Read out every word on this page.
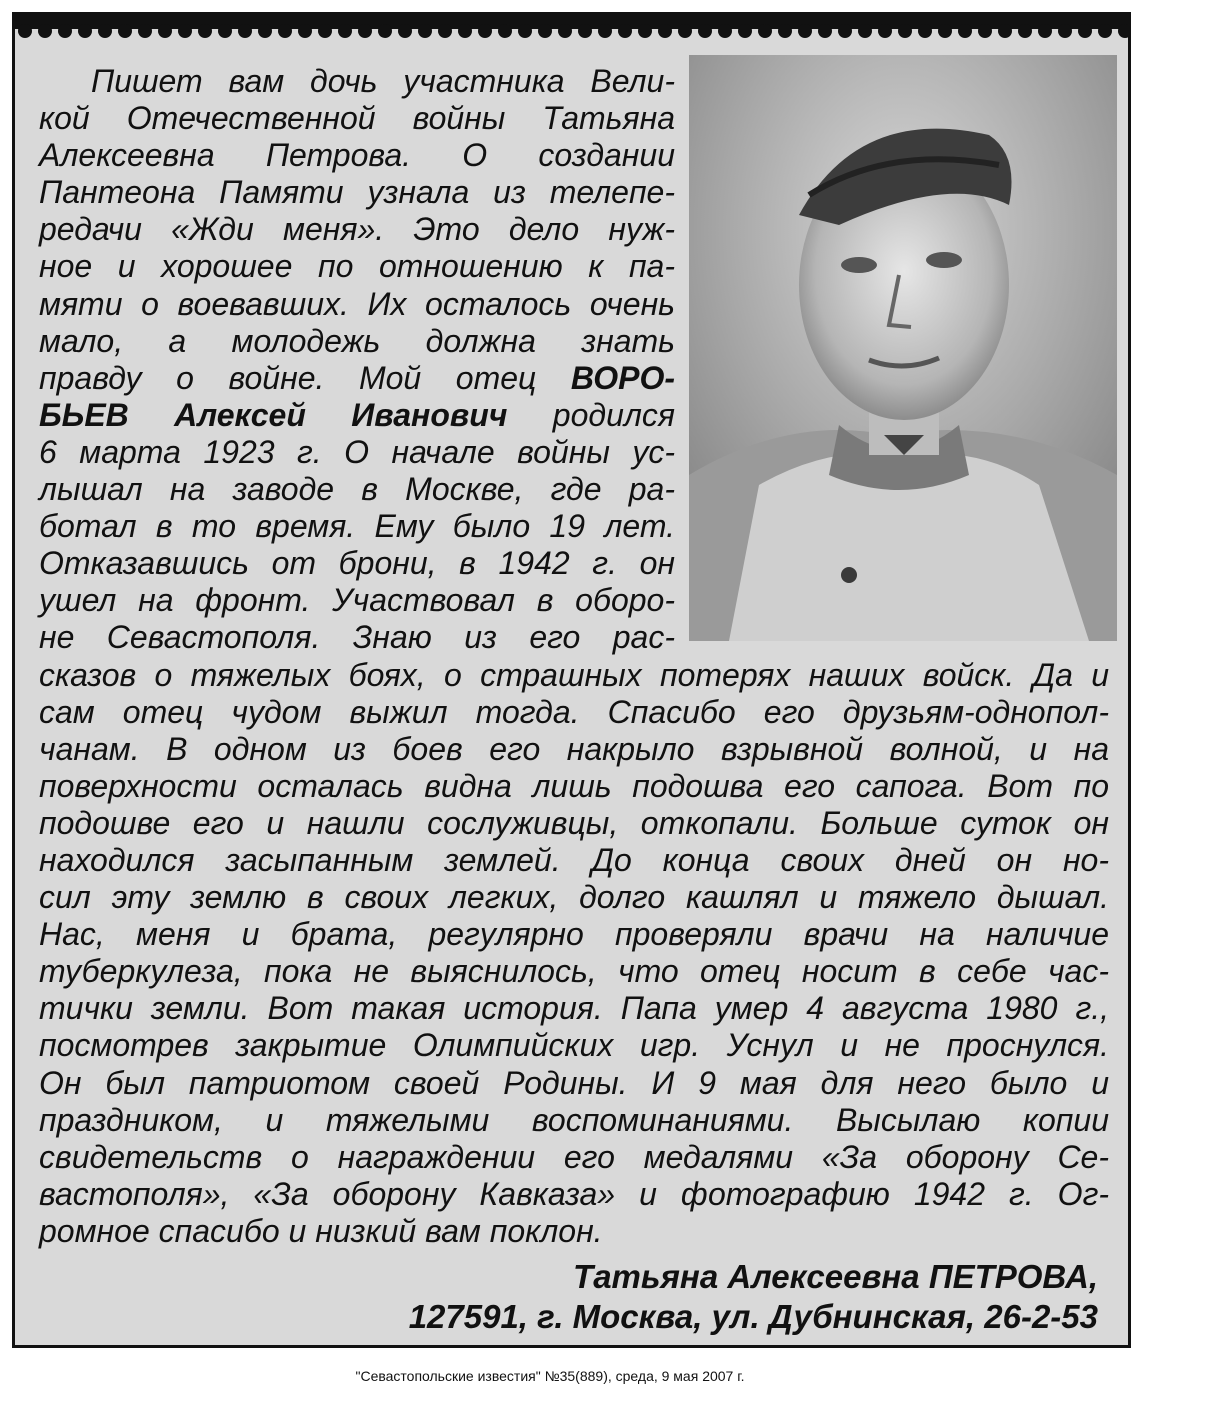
Пишет вам дочь участника Вели-
кой Отечественной войны Татьяна
Алексеевна Петрова. О создании
Пантеона Памяти узнала из телепе-
редачи «Жди меня». Это дело нуж-
ное и хорошее по отношению к па-
мяти о воевавших. Их осталось очень
мало, а молодежь должна знать
правду о войне. Мой отец ВОРО-
БЬЕВ Алексей Иванович родился
6 марта 1923 г. О начале войны ус-
лышал на заводе в Москве, где ра-
ботал в то время. Ему было 19 лет.
Отказавшись от брони, в 1942 г. он
ушел на фронт. Участвовал в оборо-
не Севастополя. Знаю из его рас-
сказов о тяжелых боях, о страшных потерях наших войск. Да и
сам отец чудом выжил тогда. Спасибо его друзьям-однопол-
чанам. В одном из боев его накрыло взрывной волной, и на
поверхности осталась видна лишь подошва его сапога. Вот по
подошве его и нашли сослуживцы, откопали. Больше суток он
находился засыпанным землей. До конца своих дней он но-
сил эту землю в своих легких, долго кашлял и тяжело дышал.
Нас, меня и брата, регулярно проверяли врачи на наличие
туберкулеза, пока не выяснилось, что отец носит в себе час-
тички земли. Вот такая история. Папа умер 4 августа 1980 г.,
посмотрев закрытие Олимпийских игр. Уснул и не проснулся.
Он был патриотом своей Родины. И 9 мая для него было и
праздником, и тяжелыми воспоминаниями. Высылаю копии
свидетельств о награждении его медалями «За оборону Се-
вастополя», «За оборону Кавказа» и фотографию 1942 г. Ог-
ромное спасибо и низкий вам поклон.
Татьяна Алексеевна ПЕТРОВА,
127591, г. Москва, ул. Дубнинская, 26-2-53
"Севастопольские известия" №35(889), среда, 9 мая 2007 г.
